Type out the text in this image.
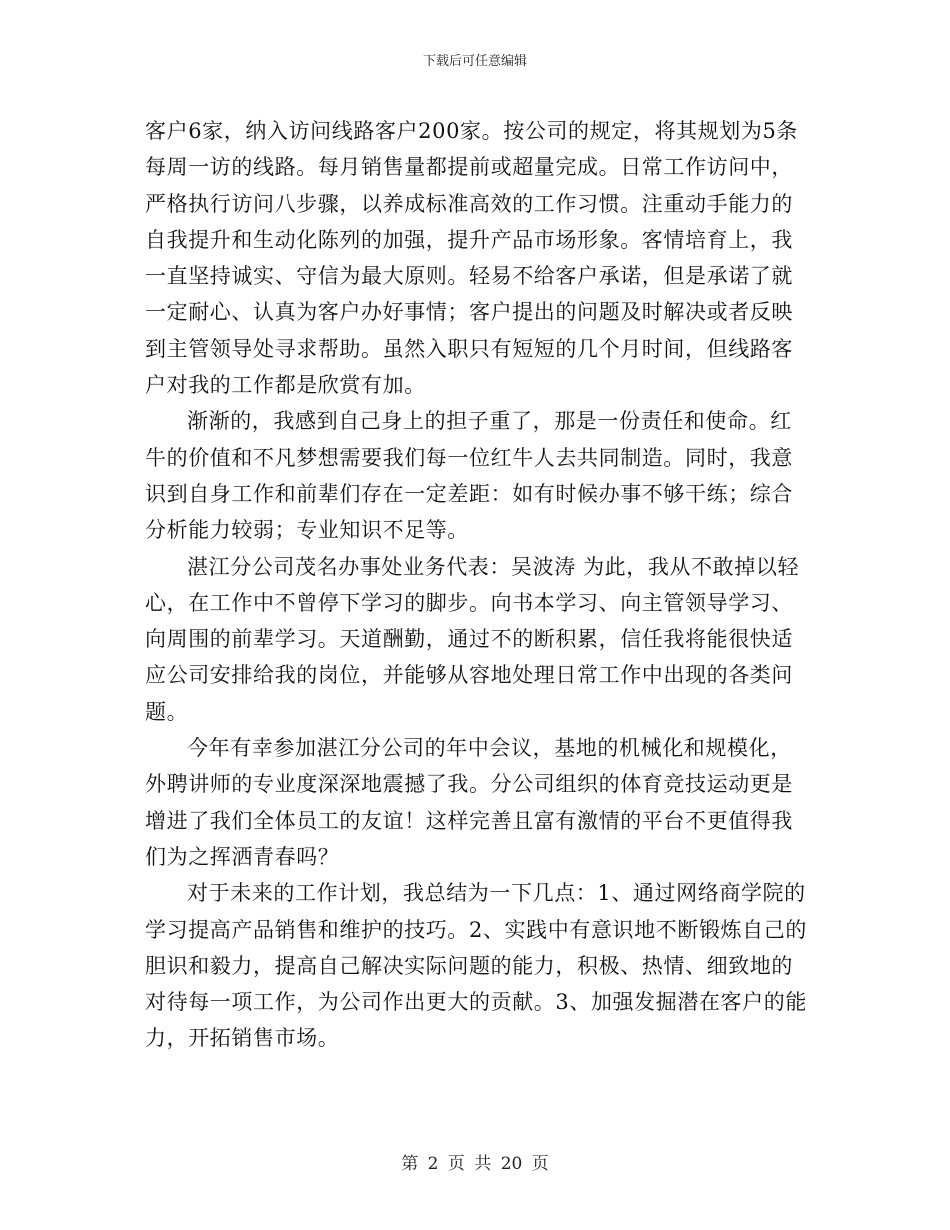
下载后可任意编辑
客户6家，纳入访问线路客户200家。按公司的规定，将其规划为5条
每周一访的线路。每月销售量都提前或超量完成。日常工作访问中，
严格执行访问八步骤，以养成标准高效的工作习惯。注重动手能力的
自我提升和生动化陈列的加强，提升产品市场形象。客情培育上，我
一直坚持诚实、守信为最大原则。轻易不给客户承诺，但是承诺了就
一定耐心、认真为客户办好事情；客户提出的问题及时解决或者反映
到主管领导处寻求帮助。虽然入职只有短短的几个月时间，但线路客
户对我的工作都是欣赏有加。
渐渐的，我感到自己身上的担子重了，那是一份责任和使命。红
牛的价值和不凡梦想需要我们每一位红牛人去共同制造。同时，我意
识到自身工作和前辈们存在一定差距：如有时候办事不够干练；综合
分析能力较弱；专业知识不足等。
湛江分公司茂名办事处业务代表：吴波涛 为此，我从不敢掉以轻
心，在工作中不曾停下学习的脚步。向书本学习、向主管领导学习、
向周围的前辈学习。天道酬勤，通过不的断积累，信任我将能很快适
应公司安排给我的岗位，并能够从容地处理日常工作中出现的各类问
题。
今年有幸参加湛江分公司的年中会议，基地的机械化和规模化，
外聘讲师的专业度深深地震撼了我。分公司组织的体育竞技运动更是
增进了我们全体员工的友谊！这样完善且富有激情的平台不更值得我
们为之挥洒青春吗？
对于未来的工作计划，我总结为一下几点：1、通过网络商学院的
学习提高产品销售和维护的技巧。2、实践中有意识地不断锻炼自己的
胆识和毅力，提高自己解决实际问题的能力，积极、热情、细致地的
对待每一项工作，为公司作出更大的贡献。3、加强发掘潜在客户的能
力，开拓销售市场。
第 2 页 共 20 页
